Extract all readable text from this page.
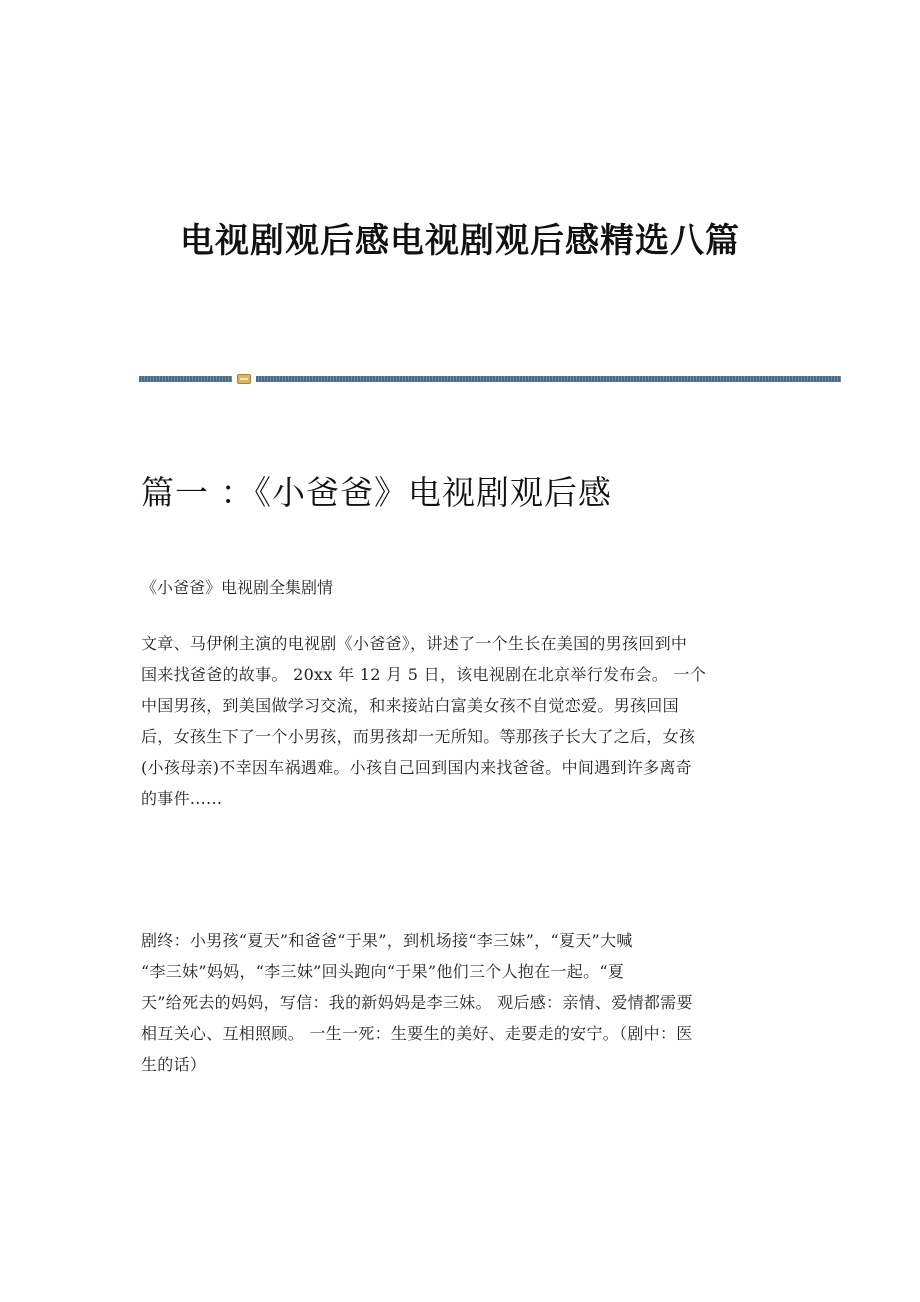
电视剧观后感电视剧观后感精选八篇
篇一 ：《小爸爸》电视剧观后感

《小爸爸》电视剧全集剧情

文章、马伊俐主演的电视剧《小爸爸》，讲述了一个生长在美国的男孩回到中
国来找爸爸的故事。 20xx 年 12 月 5 日，该电视剧在北京举行发布会。 一个
中国男孩，到美国做学习交流，和来接站白富美女孩不自觉恋爱。男孩回国
后，女孩生下了一个小男孩，而男孩却一无所知。等那孩子长大了之后，女孩
(小孩母亲)不幸因车祸遇难。小孩自己回到国内来找爸爸。中间遇到许多离奇
的事件......

剧终：小男孩“夏天”和爸爸“于果”，到机场接“李三妹”，“夏天”大喊
“李三妹”妈妈，“李三妹”回头跑向“于果”他们三个人抱在一起。“夏
天”给死去的妈妈，写信：我的新妈妈是李三妹。 观后感：亲情、爱情都需要
相互关心、互相照顾。 一生一死：生要生的美好、走要走的安宁。（剧中：医
生的话）
